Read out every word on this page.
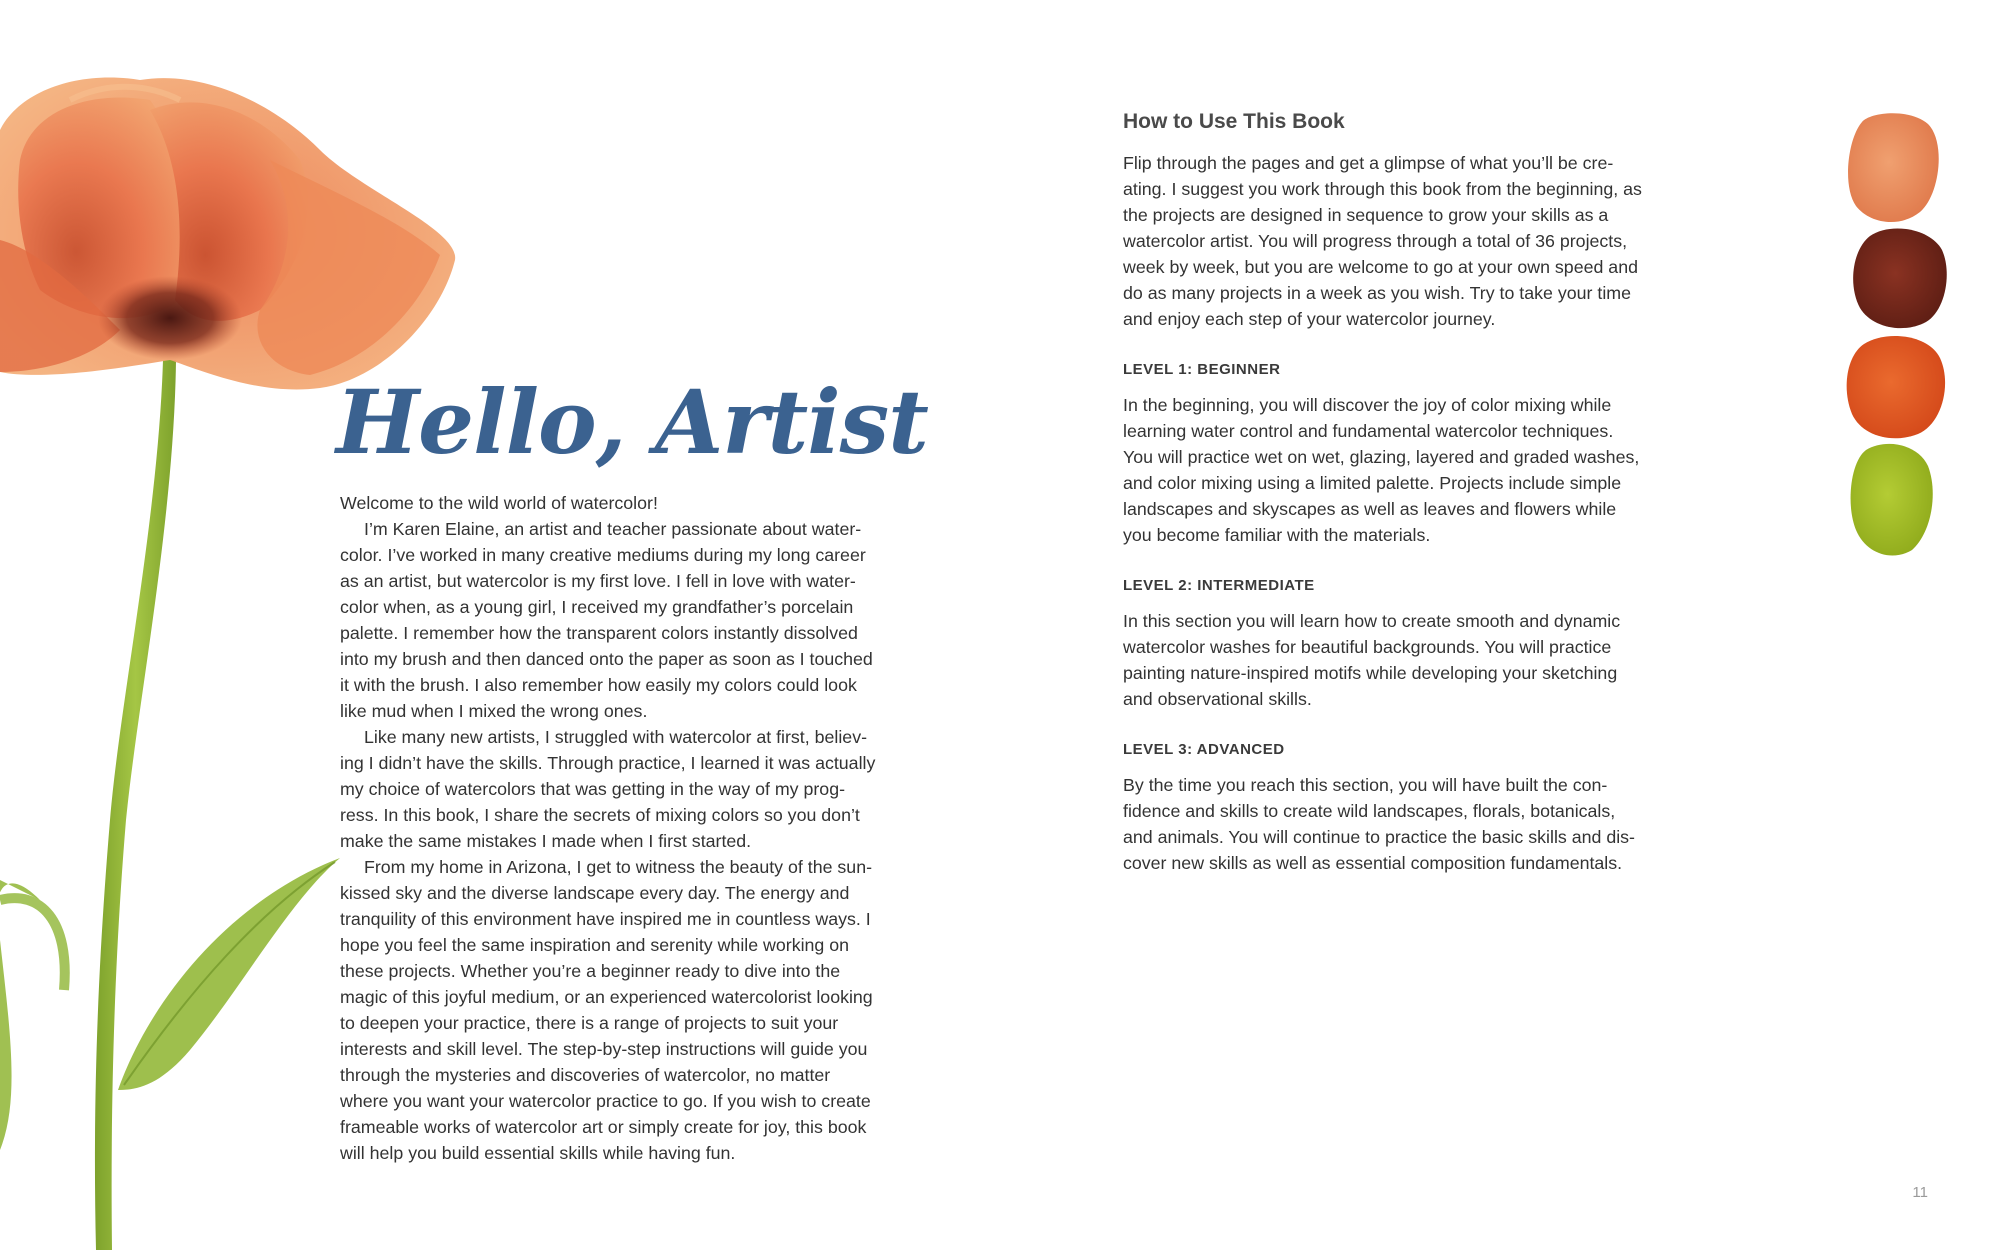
Hello, Artist

Welcome to the wild world of watercolor!

I’m Karen Elaine, an artist and teacher passionate about water-color. I’ve worked in many creative mediums during my long career as an artist, but watercolor is my first love. I fell in love with water-color when, as a young girl, I received my grandfather’s porcelain palette. I remember how the transparent colors instantly dissolved into my brush and then danced onto the paper as soon as I touched it with the brush. I also remember how easily my colors could look like mud when I mixed the wrong ones.

Like many new artists, I struggled with watercolor at first, believ-ing I didn’t have the skills. Through practice, I learned it was actually my choice of watercolors that was getting in the way of my prog-ress. In this book, I share the secrets of mixing colors so you don’t make the same mistakes I made when I first started.

From my home in Arizona, I get to witness the beauty of the sun-kissed sky and the diverse landscape every day. The energy and tranquility of this environment have inspired me in countless ways. I hope you feel the same inspiration and serenity while working on these projects. Whether you’re a beginner ready to dive into the magic of this joyful medium, or an experienced watercolorist looking to deepen your practice, there is a range of projects to suit your interests and skill level. The step-by-step instructions will guide you through the mysteries and discoveries of watercolor, no matter where you want your watercolor practice to go. If you wish to create frameable works of watercolor art or simply create for joy, this book will help you build essential skills while having fun.

How to Use This Book

Flip through the pages and get a glimpse of what you’ll be cre-ating. I suggest you work through this book from the beginning, as the projects are designed in sequence to grow your skills as a watercolor artist. You will progress through a total of 36 projects, week by week, but you are welcome to go at your own speed and do as many projects in a week as you wish. Try to take your time and enjoy each step of your watercolor journey.

LEVEL 1: BEGINNER

In the beginning, you will discover the joy of color mixing while learning water control and fundamental watercolor techniques. You will practice wet on wet, glazing, layered and graded washes, and color mixing using a limited palette. Projects include simple landscapes and skyscapes as well as leaves and flowers while you become familiar with the materials.

LEVEL 2: INTERMEDIATE

In this section you will learn how to create smooth and dynamic watercolor washes for beautiful backgrounds. You will practice painting nature-inspired motifs while developing your sketching and observational skills.

LEVEL 3: ADVANCED

By the time you reach this section, you will have built the con-fidence and skills to create wild landscapes, florals, botanicals, and animals. You will continue to practice the basic skills and dis-cover new skills as well as essential composition fundamentals.

11
